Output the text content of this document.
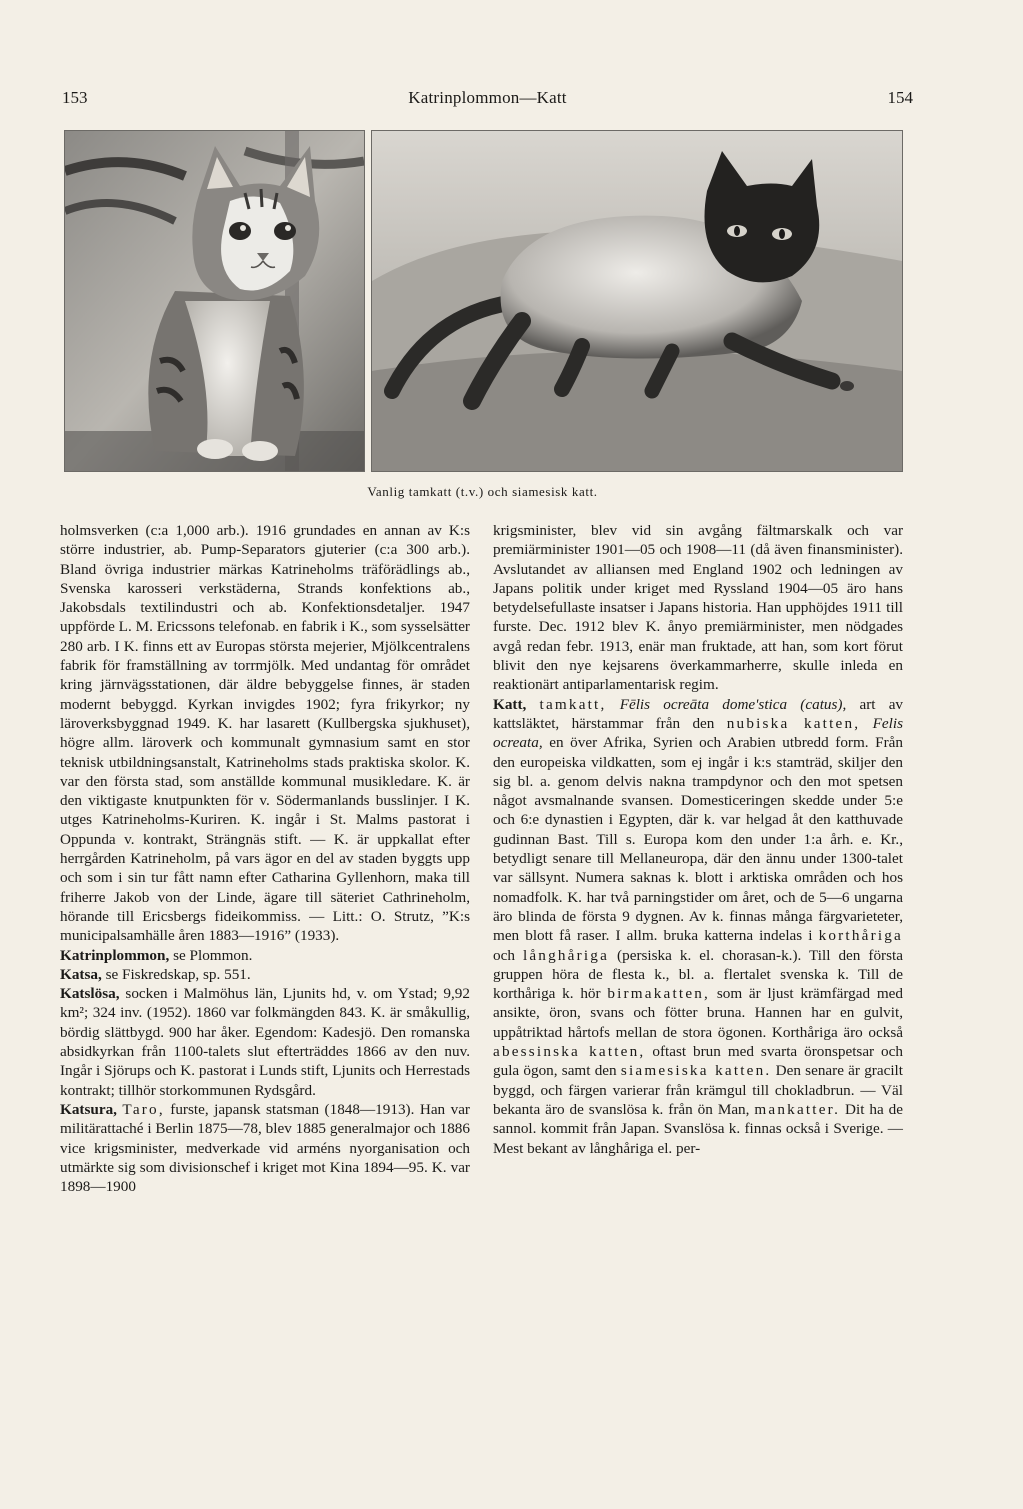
153	Katrinplommon—Katt	154
Vanlig tamkatt (t.v.) och siamesisk katt.

holmsverken (c:a 1,000 arb.). 1916 grundades en annan av K:s större industrier, ab. Pump-Separators gjuterier (c:a 300 arb.). Bland övriga industrier märkas Katrineholms träförädlings ab., Svenska karosseri verkstäderna, Strands konfektions ab., Jakobsdals textilindustri och ab. Konfektionsdetaljer. 1947 uppförde L. M. Ericssons telefonab. en fabrik i K., som sysselsätter 280 arb. I K. finns ett av Europas största mejerier, Mjölkcentralens fabrik för framställning av torrmjölk. Med undantag för området kring järnvägsstationen, där äldre bebyggelse finnes, är staden modernt bebyggd. Kyrkan invigdes 1902; fyra frikyrkor; ny läroverksbyggnad 1949. K. har lasarett (Kullbergska sjukhuset), högre allm. läroverk och kommunalt gymnasium samt en stor teknisk utbildningsanstalt, Katrineholms stads praktiska skolor. K. var den första stad, som anställde kommunal musikledare. K. är den viktigaste knutpunkten för v. Södermanlands busslinjer. I K. utges Katrineholms-Kuriren. K. ingår i St. Malms pastorat i Oppunda v. kontrakt, Strängnäs stift. — K. är uppkallat efter herrgården Katrineholm, på vars ägor en del av staden byggts upp och som i sin tur fått namn efter Catharina Gyllenhorn, maka till friherre Jakob von der Linde, ägare till säteriet Cathrineholm, hörande till Ericsbergs fideikommiss. — Litt.: O. Strutz, ”K:s municipalsamhälle åren 1883—1916” (1933).

Katrinplommon, se Plommon.

Katsa, se Fiskredskap, sp. 551.

Katslösa, socken i Malmöhus län, Ljunits hd, v. om Ystad; 9,92 km²; 324 inv. (1952). 1860 var folkmängden 843. K. är småkullig, bördig slättbygd. 900 har åker. Egendom: Kadesjö. Den romanska absidkyrkan från 1100-talets slut efterträddes 1866 av den nuv. Ingår i Sjörups och K. pastorat i Lunds stift, Ljunits och Herrestads kontrakt; tillhör storkommunen Rydsgård.

Katsura, Taro, furste, japansk statsman (1848—1913). Han var militärattaché i Berlin 1875—78, blev 1885 generalmajor och 1886 vice krigsminister, medverkade vid arméns nyorganisation och utmärkte sig som divisionschef i kriget mot Kina 1894—95. K. var 1898—1900

krigsminister, blev vid sin avgång fältmarskalk och var premiärminister 1901—05 och 1908—11 (då även finansminister). Avslutandet av alliansen med England 1902 och ledningen av Japans politik under kriget med Ryssland 1904—05 äro hans betydelsefullaste insatser i Japans historia. Han upphöjdes 1911 till furste. Dec. 1912 blev K. ånyo premiärminister, men nödgades avgå redan febr. 1913, enär man fruktade, att han, som kort förut blivit den nye kejsarens överkammarherre, skulle inleda en reaktionärt antiparlamentarisk regim.

Katt, tamkatt, Fēlis ocreāta dome'stica (catus), art av kattsläktet, härstammar från den nubiska katten, Felis ocreata, en över Afrika, Syrien och Arabien utbredd form. Från den europeiska vildkatten, som ej ingår i k:s stamträd, skiljer den sig bl. a. genom delvis nakna trampdynor och den mot spetsen något avsmalnande svansen. Domesticeringen skedde under 5:e och 6:e dynastien i Egypten, där k. var helgad åt den katthuvade gudinnan Bast. Till s. Europa kom den under 1:a årh. e. Kr., betydligt senare till Mellaneuropa, där den ännu under 1300-talet var sällsynt. Numera saknas k. blott i arktiska områden och hos nomadfolk. K. har två parningstider om året, och de 5—6 ungarna äro blinda de första 9 dygnen. Av k. finnas många färgvarieteter, men blott få raser. I allm. bruka katterna indelas i korthåriga och långhåriga (persiska k. el. chorasan-k.). Till den första gruppen höra de flesta k., bl. a. flertalet svenska k. Till de korthåriga k. hör birmakatten, som är ljust krämfärgad med ansikte, öron, svans och fötter bruna. Hannen har en gulvit, uppåtriktad hårtofs mellan de stora ögonen. Korthåriga äro också abessinska katten, oftast brun med svarta öronspetsar och gula ögon, samt den siamesiska katten. Den senare är gracilt byggd, och färgen varierar från krämgul till chokladbrun. — Väl bekanta äro de svanslösa k. från ön Man, mankatter. Dit ha de sannol. kommit från Japan. Svanslösa k. finnas också i Sverige. — Mest bekant av långhåriga el. per-
